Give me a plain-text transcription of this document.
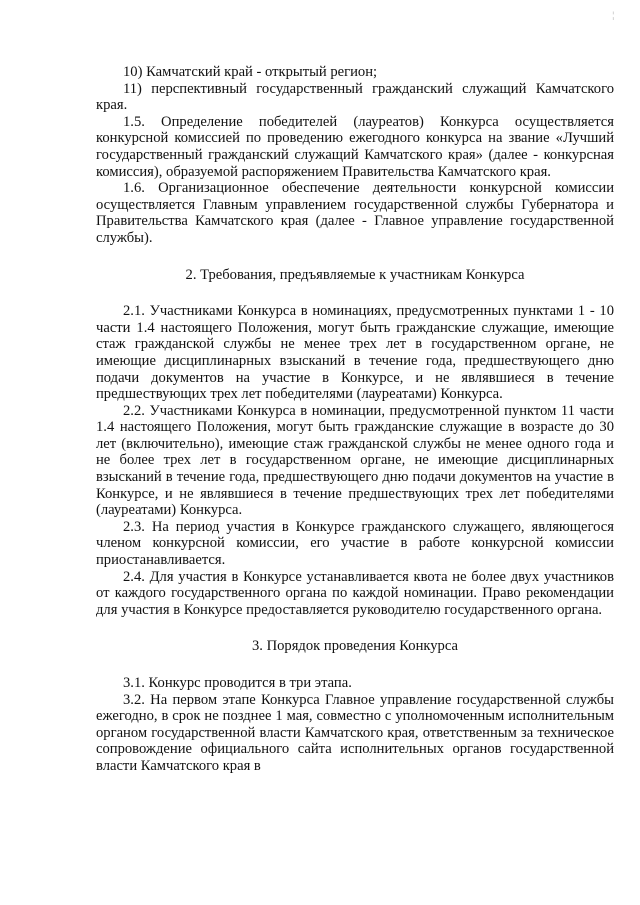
¦

10) Камчатский край - открытый регион;

11) перспективный государственный гражданский служащий Камчатского края.

1.5. Определение победителей (лауреатов) Конкурса осуществляется конкурсной комиссией по проведению ежегодного конкурса на звание «Лучший государственный гражданский служащий Камчатского края» (далее - конкурсная комиссия), образуемой распоряжением Правительства Камчатского края.

1.6. Организационное обеспечение деятельности конкурсной комиссии осуществляется Главным управлением государственной службы Губернатора и Правительства Камчатского края (далее - Главное управление государственной службы).

2. Требования, предъявляемые к участникам Конкурса

2.1. Участниками Конкурса в номинациях, предусмотренных пунктами 1 - 10 части 1.4 настоящего Положения, могут быть гражданские служащие, имеющие стаж гражданской службы не менее трех лет в государственном органе, не имеющие дисциплинарных взысканий в течение года, предшествующего дню подачи документов на участие в Конкурсе, и не являвшиеся в течение предшествующих трех лет победителями (лауреатами) Конкурса.

2.2. Участниками Конкурса в номинации, предусмотренной пунктом 11 части 1.4 настоящего Положения, могут быть гражданские служащие в возрасте до 30 лет (включительно), имеющие стаж гражданской службы не менее одного года и не более трех лет в государственном органе, не имеющие дисциплинарных взысканий в течение года, предшествующего дню подачи документов на участие в Конкурсе, и не являвшиеся в течение предшествующих трех лет победителями (лауреатами) Конкурса.

2.3. На период участия в Конкурсе гражданского служащего, являющегося членом конкурсной комиссии, его участие в работе конкурсной комиссии приостанавливается.

2.4. Для участия в Конкурсе устанавливается квота не более двух участников от каждого государственного органа по каждой номинации. Право рекомендации для участия в Конкурсе предоставляется руководителю государственного органа.

3. Порядок проведения Конкурса

3.1. Конкурс проводится в три этапа.

3.2. На первом этапе Конкурса Главное управление государственной службы ежегодно, в срок не позднее 1 мая, совместно с уполномоченным исполнительным органом государственной власти Камчатского края, ответственным за техническое сопровождение официального сайта исполнительных органов государственной власти Камчатского края в
